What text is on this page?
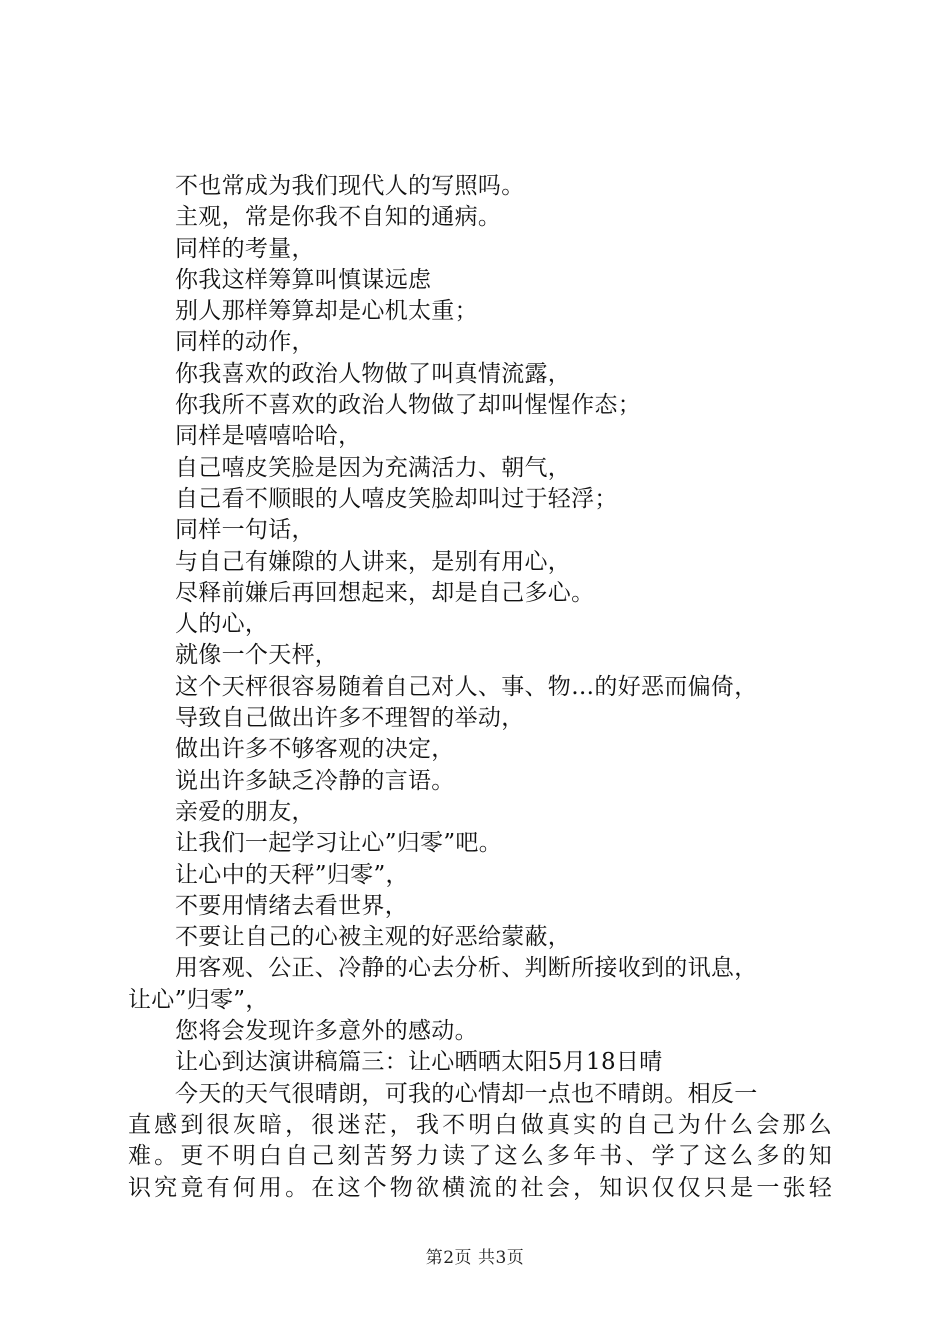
不也常成为我们现代人的写照吗。
主观，常是你我不自知的通病。
同样的考量，
你我这样筹算叫慎谋远虑
别人那样筹算却是心机太重；
同样的动作，
你我喜欢的政治人物做了叫真情流露，
你我所不喜欢的政治人物做了却叫惺惺作态；
同样是嘻嘻哈哈，
自己嘻皮笑脸是因为充满活力、朝气，
自己看不顺眼的人嘻皮笑脸却叫过于轻浮；
同样一句话，
与自己有嫌隙的人讲来，是别有用心，
尽释前嫌后再回想起来，却是自己多心。
人的心，
就像一个天枰，
这个天枰很容易随着自己对人、事、物…的好恶而偏倚，
导致自己做出许多不理智的举动，
做出许多不够客观的决定，
说出许多缺乏冷静的言语。
亲爱的朋友，
让我们一起学习让心”归零”吧。
让心中的天秤”归零”，
不要用情绪去看世界，
不要让自己的心被主观的好恶给蒙蔽，
用客观、公正、冷静的心去分析、判断所接收到的讯息，
让心”归零”，
您将会发现许多意外的感动。
让心到达演讲稿篇三：让心晒晒太阳5月18日晴
今天的天气很晴朗，可我的心情却一点也不晴朗。相反一
直感到很灰暗，很迷茫，我不明白做真实的自己为什么会那么
难。更不明白自己刻苦努力读了这么多年书、学了这么多的知
识究竟有何用。在这个物欲横流的社会，知识仅仅只是一张轻
第2页 共3页
